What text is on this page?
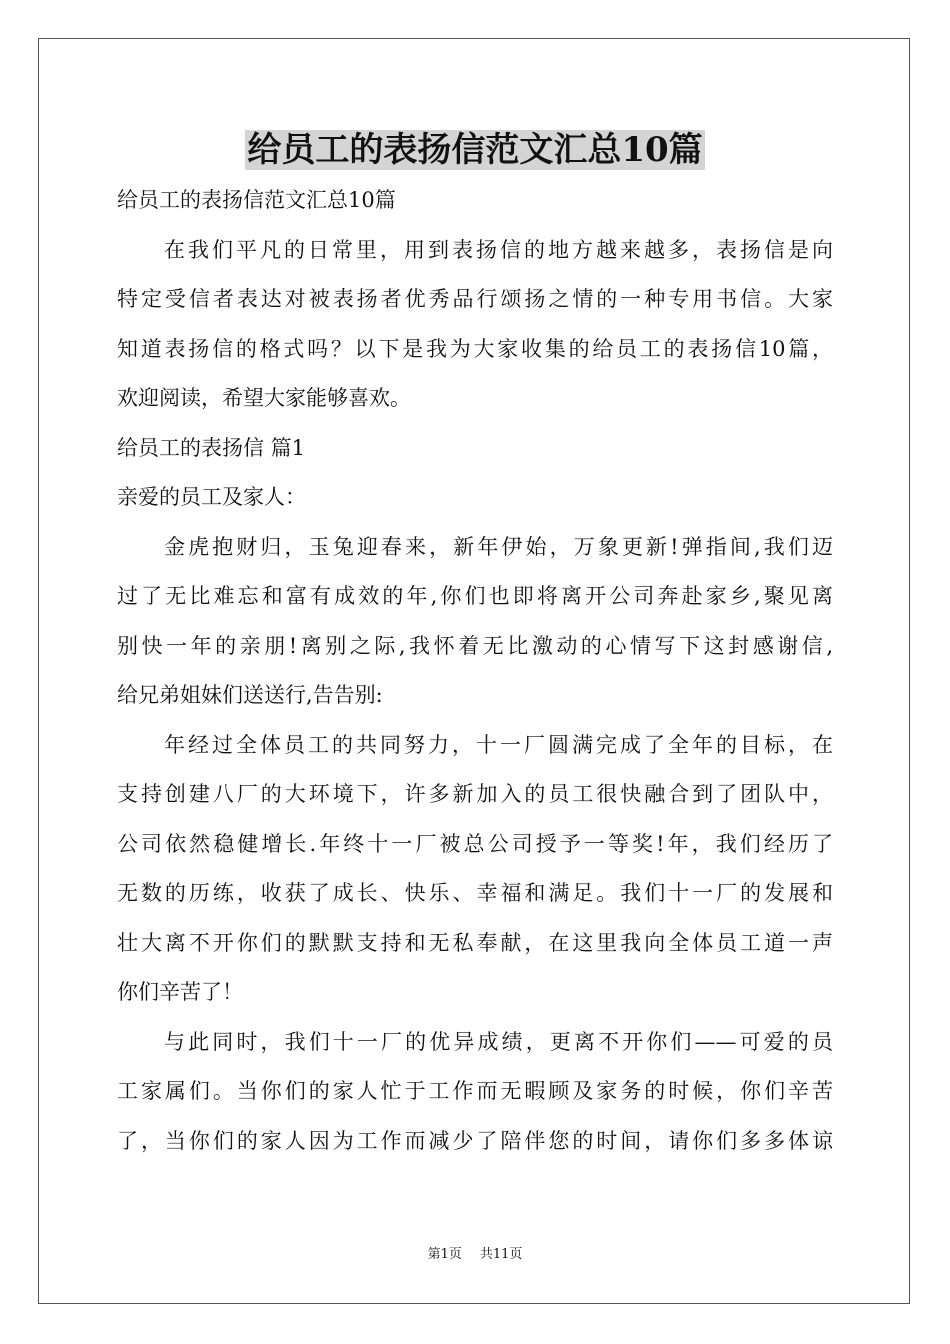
给员工的表扬信范文汇总10篇

给员工的表扬信范文汇总10篇

在我们平凡的日常里，用到表扬信的地方越来越多，表扬信是向

特定受信者表达对被表扬者优秀品行颂扬之情的一种专用书信。大家

知道表扬信的格式吗？以下是我为大家收集的给员工的表扬信10篇，

欢迎阅读，希望大家能够喜欢。

给员工的表扬信 篇1

亲爱的员工及家人：

金虎抱财归，玉兔迎春来，新年伊始，万象更新!弹指间,我们迈

过了无比难忘和富有成效的年,你们也即将离开公司奔赴家乡,聚见离

别快一年的亲朋!离别之际,我怀着无比激动的心情写下这封感谢信,

给兄弟姐妹们送送行,告告别:

年经过全体员工的共同努力，十一厂圆满完成了全年的目标，在

支持创建八厂的大环境下，许多新加入的员工很快融合到了团队中，

公司依然稳健增长.年终十一厂被总公司授予一等奖!年，我们经历了

无数的历练，收获了成长、快乐、幸福和满足。我们十一厂的发展和

壮大离不开你们的默默支持和无私奉献，在这里我向全体员工道一声

你们辛苦了！

与此同时，我们十一厂的优异成绩，更离不开你们——可爱的员

工家属们。当你们的家人忙于工作而无暇顾及家务的时候，你们辛苦

了，当你们的家人因为工作而减少了陪伴您的时间，请你们多多体谅

第1页 共11页
